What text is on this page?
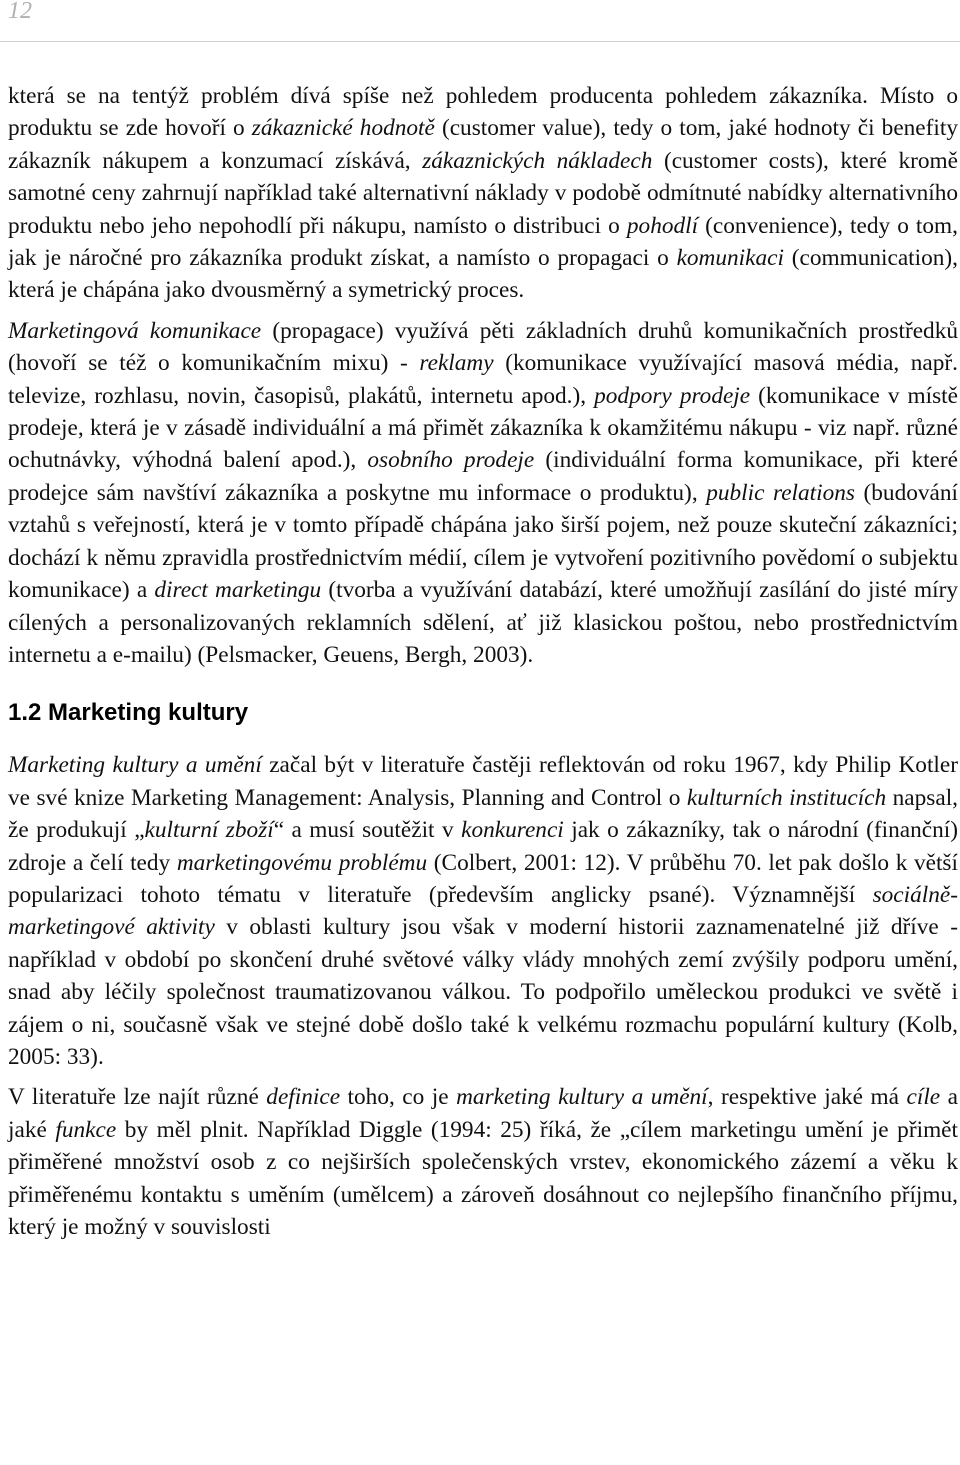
12

která se na tentýž problém dívá spíše než pohledem producenta pohledem zákazníka. Místo o produktu se zde hovoří o zákaznické hodnotě (customer value), tedy o tom, jaké hodnoty či benefity zákazník nákupem a konzumací získává, zákaznických nákladech (customer costs), které kromě samotné ceny zahrnují například také alternativní náklady v podobě odmítnuté nabídky alternativního produktu nebo jeho nepohodlí při nákupu, namísto o distribuci o pohodlí (convenience), tedy o tom, jak je náročné pro zákazníka produkt získat, a namísto o propagaci o komunikaci (communication), která je chápána jako dvousměrný a symetrický proces.

Marketingová komunikace (propagace) využívá pěti základních druhů komunikačních prostředků (hovoří se též o komunikačním mixu) - reklamy (komunikace využívající masová média, např. televize, rozhlasu, novin, časopisů, plakátů, internetu apod.), podpory prodeje (komunikace v místě prodeje, která je v zásadě individuální a má přimět zákazníka k okamžitému nákupu - viz např. různé ochutnávky, výhodná balení apod.), osobního prodeje (individuální forma komunikace, při které prodejce sám navštíví zákazníka a poskytne mu informace o produktu), public relations (budování vztahů s veřejností, která je v tomto případě chápána jako širší pojem, než pouze skuteční zákazníci; dochází k němu zpravidla prostřednictvím médií, cílem je vytvoření pozitivního povědomí o subjektu komunikace) a direct marketingu (tvorba a využívání databází, které umožňují zasílání do jisté míry cílených a personalizovaných reklamních sdělení, ať již klasickou poštou, nebo prostřednictvím internetu a e-mailu) (Pelsmacker, Geuens, Bergh, 2003).

1.2 Marketing kultury

Marketing kultury a umění začal být v literatuře častěji reflektován od roku 1967, kdy Philip Kotler ve své knize Marketing Management: Analysis, Planning and Control o kulturních institucích napsal, že produkují „kulturní zboží“ a musí soutěžit v konkurenci jak o zákazníky, tak o národní (finanční) zdroje a čelí tedy marketingovému problému (Colbert, 2001: 12). V průběhu 70. let pak došlo k větší popularizaci tohoto tématu v literatuře (především anglicky psané). Významnější sociálně-marketingové aktivity v oblasti kultury jsou však v moderní historii zaznamenatelné již dříve - například v období po skončení druhé světové války vlády mnohých zemí zvýšily podporu umění, snad aby léčily společnost traumatizovanou válkou. To podpořilo uměleckou produkci ve světě i zájem o ni, současně však ve stejné době došlo také k velkému rozmachu populární kultury (Kolb, 2005: 33).

V literatuře lze najít různé definice toho, co je marketing kultury a umění, respektive jaké má cíle a jaké funkce by měl plnit. Například Diggle (1994: 25) říká, že „cílem marketingu umění je přimět přiměřené množství osob z co nejširších společenských vrstev, ekonomického zázemí a věku k přiměřenému kontaktu s uměním (umělcem) a zároveň dosáhnout co nejlepšího finančního příjmu, který je možný v souvislosti
